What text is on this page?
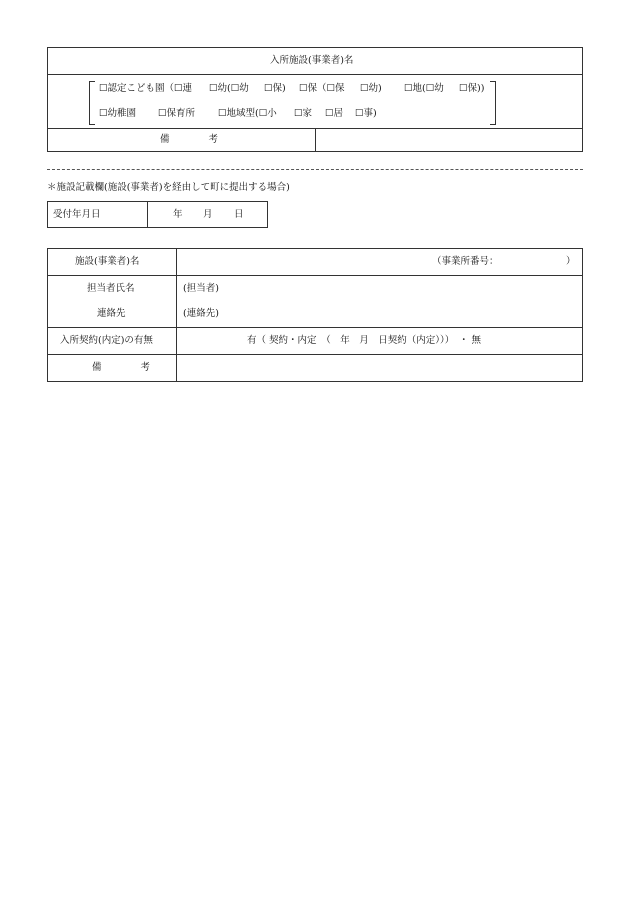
入所施設(事業者)名
☐認定こども園（☐連 ☐幼(☐幼 ☐保) ☐保（☐保 ☐幼) ☐地(☐幼 ☐保))
☐幼稚園 ☐保育所 ☐地域型(☐小 ☐家 ☐居 ☐事)
備 考
＊施設記載欄(施設(事業者)を経由して町に提出する場合)
受付年月日	年 月 日
施設(事業者)名	（事業所番号：	）
担当者氏名	(担当者)
連絡先	(連絡先)
入所契約(内定)の有無	有（ 契約・内定　（　年　月　日契約（内定）））　・ 無
備 考
